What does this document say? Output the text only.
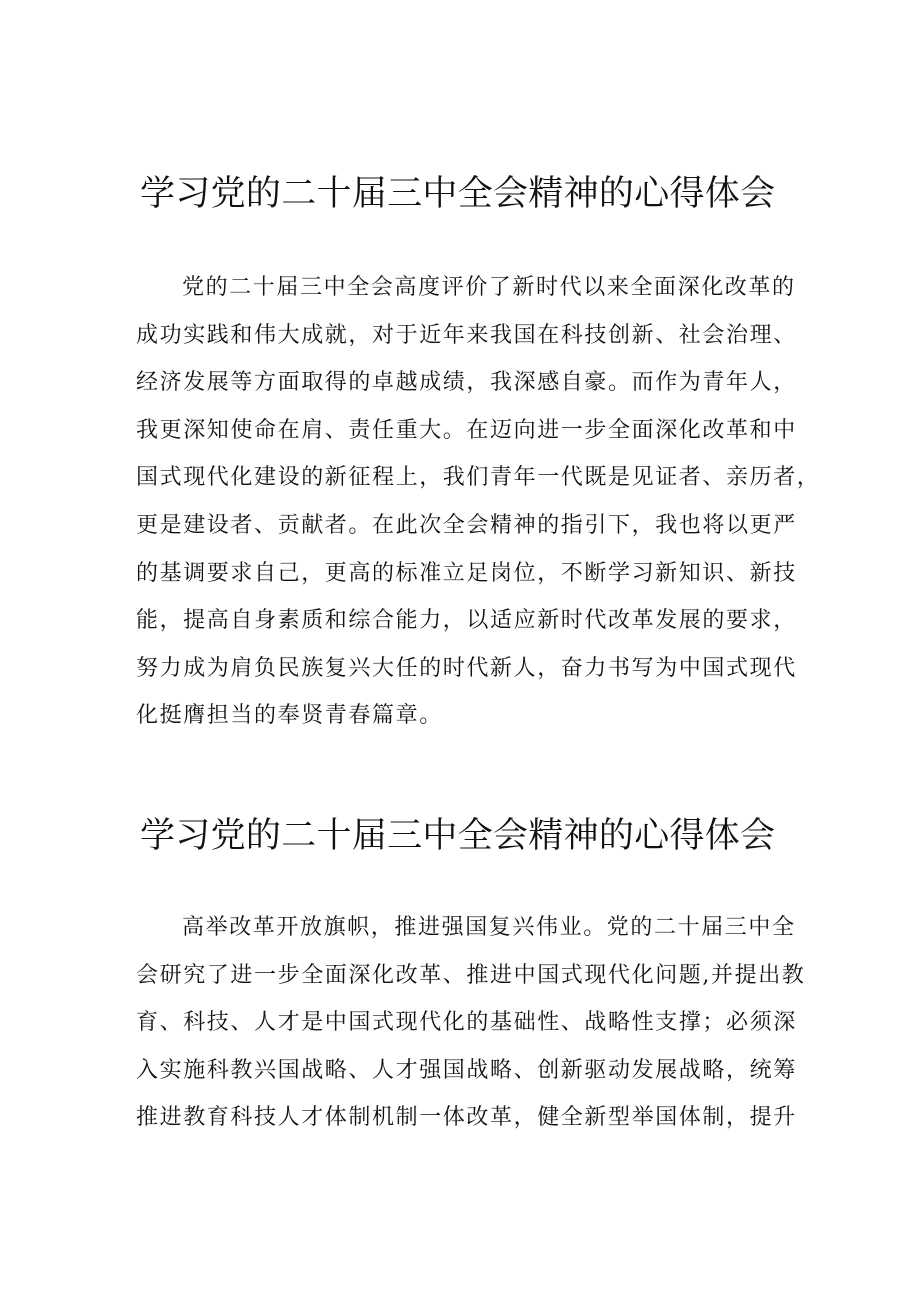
学习党的二十届三中全会精神的心得体会
党的二十届三中全会高度评价了新时代以来全面深化改革的
成功实践和伟大成就，对于近年来我国在科技创新、社会治理、
经济发展等方面取得的卓越成绩，我深感自豪。而作为青年人，
我更深知使命在肩、责任重大。在迈向进一步全面深化改革和中
国式现代化建设的新征程上，我们青年一代既是见证者、亲历者，
更是建设者、贡献者。在此次全会精神的指引下，我也将以更严
的基调要求自己，更高的标准立足岗位，不断学习新知识、新技
能，提高自身素质和综合能力，以适应新时代改革发展的要求，
努力成为肩负民族复兴大任的时代新人，奋力书写为中国式现代
化挺膺担当的奉贤青春篇章。
学习党的二十届三中全会精神的心得体会
高举改革开放旗帜，推进强国复兴伟业。党的二十届三中全
会研究了进一步全面深化改革、推进中国式现代化问题,并提出教
育、科技、人才是中国式现代化的基础性、战略性支撑；必须深
入实施科教兴国战略、人才强国战略、创新驱动发展战略，统筹
推进教育科技人才体制机制一体改革，健全新型举国体制，提升
